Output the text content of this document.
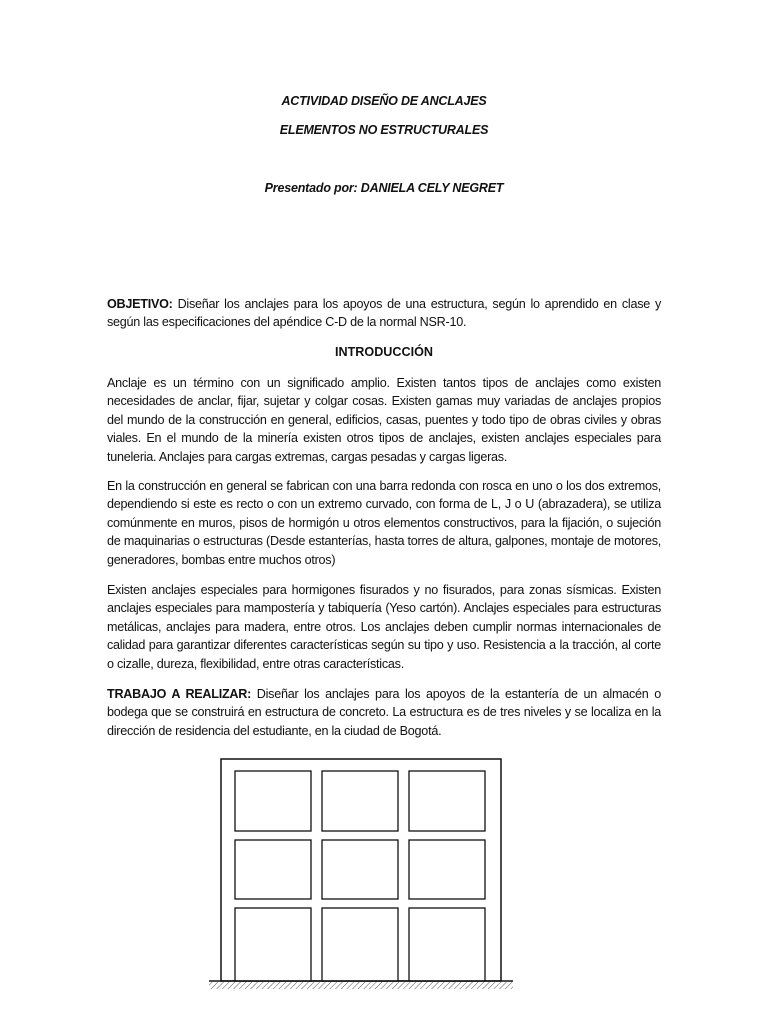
ACTIVIDAD DISEÑO DE ANCLAJES
ELEMENTOS NO ESTRUCTURALES
Presentado por: DANIELA CELY NEGRET
OBJETIVO: Diseñar los anclajes para los apoyos de una estructura, según lo aprendido en clase y según las especificaciones del apéndice C-D de la normal NSR-10.
INTRODUCCIÓN
Anclaje es un término con un significado amplio. Existen tantos tipos de anclajes como existen necesidades de anclar, fijar, sujetar y colgar cosas. Existen gamas muy variadas de anclajes propios del mundo de la construcción en general, edificios, casas, puentes y todo tipo de obras civiles y obras viales. En el mundo de la minería existen otros tipos de anclajes, existen anclajes especiales para tuneleria. Anclajes para cargas extremas, cargas pesadas y cargas ligeras.
En la construcción en general se fabrican con una barra redonda con rosca en uno o los dos extremos, dependiendo si este es recto o con un extremo curvado, con forma de L, J o U (abrazadera), se utiliza comúnmente en muros, pisos de hormigón u otros elementos constructivos, para la fijación, o sujeción de maquinarias o estructuras (Desde estanterías, hasta torres de altura, galpones, montaje de motores, generadores, bombas entre muchos otros)
Existen anclajes especiales para hormigones fisurados y no fisurados, para zonas sísmicas. Existen anclajes especiales para mampostería y tabiquería (Yeso cartón). Anclajes especiales para estructuras metálicas, anclajes para madera, entre otros. Los anclajes deben cumplir normas internacionales de calidad para garantizar diferentes características según su tipo y uso. Resistencia a la tracción, al corte o cizalle, dureza, flexibilidad, entre otras características.
TRABAJO A REALIZAR: Diseñar los anclajes para los apoyos de la estantería de un almacén o bodega que se construirá en estructura de concreto. La estructura es de tres niveles y se localiza en la dirección de residencia del estudiante, en la ciudad de Bogotá.
